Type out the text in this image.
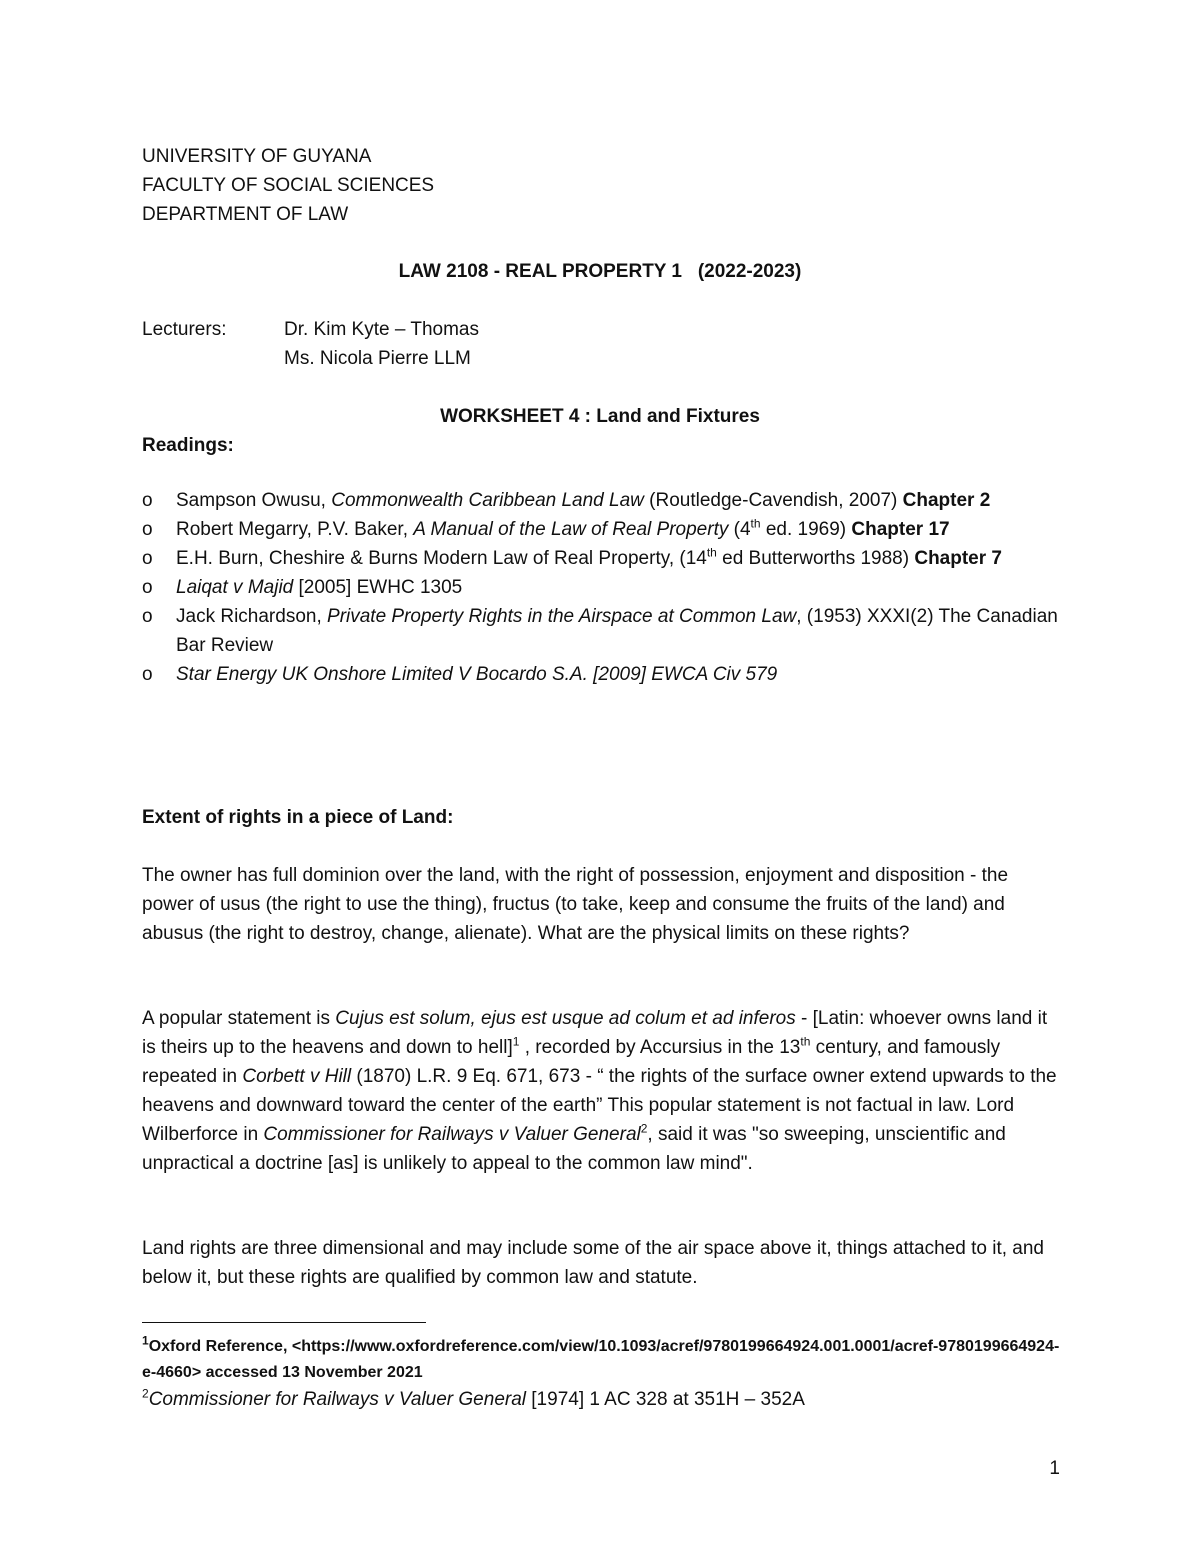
UNIVERSITY OF GUYANA
FACULTY OF SOCIAL SCIENCES
DEPARTMENT OF LAW
LAW 2108 - REAL PROPERTY 1   (2022-2023)
Lecturers:	Dr. Kim Kyte – Thomas
Ms. Nicola Pierre LLM
WORKSHEET 4 : Land and Fixtures
Readings:
o Sampson Owusu, Commonwealth Caribbean Land Law (Routledge-Cavendish, 2007) Chapter 2
o Robert Megarry, P.V. Baker, A Manual of the Law of Real Property (4th ed. 1969) Chapter 17
o E.H. Burn, Cheshire & Burns Modern Law of Real Property, (14th ed Butterworths 1988) Chapter 7
o Laiqat v Majid [2005] EWHC 1305
o Jack Richardson, Private Property Rights in the Airspace at Common Law, (1953) XXXI(2) The Canadian Bar Review
o Star Energy UK Onshore Limited V Bocardo S.A. [2009] EWCA Civ 579
Extent of rights in a piece of Land:

The owner has full dominion over the land, with the right of possession, enjoyment and disposition - the power of usus (the right to use the thing), fructus (to take, keep and consume the fruits of the land) and abusus (the right to destroy, change, alienate). What are the physical limits on these rights?

A popular statement is Cujus est solum, ejus est usque ad colum et ad inferos - [Latin: whoever owns land it is theirs up to the heavens and down to hell]$^1$ , recorded by Accursius in the 13th century, and famously repeated in Corbett v Hill (1870) L.R. 9 Eq. 671, 673 - “ the rights of the surface owner extend upwards to the heavens and downward toward the center of the earth” This popular statement is not factual in law. Lord Wilberforce in Commissioner for Railways v Valuer General$^2$, said it was "so sweeping, unscientific and unpractical a doctrine [as] is unlikely to appeal to the common law mind".

Land rights are three dimensional and may include some of the air space above it, things attached to it, and below it, but these rights are qualified by common law and statute.

$^1$Oxford Reference, <https://www.oxfordreference.com/view/10.1093/acref/9780199664924.001.0001/acref-9780199664924-e-4660> accessed 13 November 2021

$^2$Commissioner for Railways v Valuer General [1974] 1 AC 328 at 351H – 352A

1
